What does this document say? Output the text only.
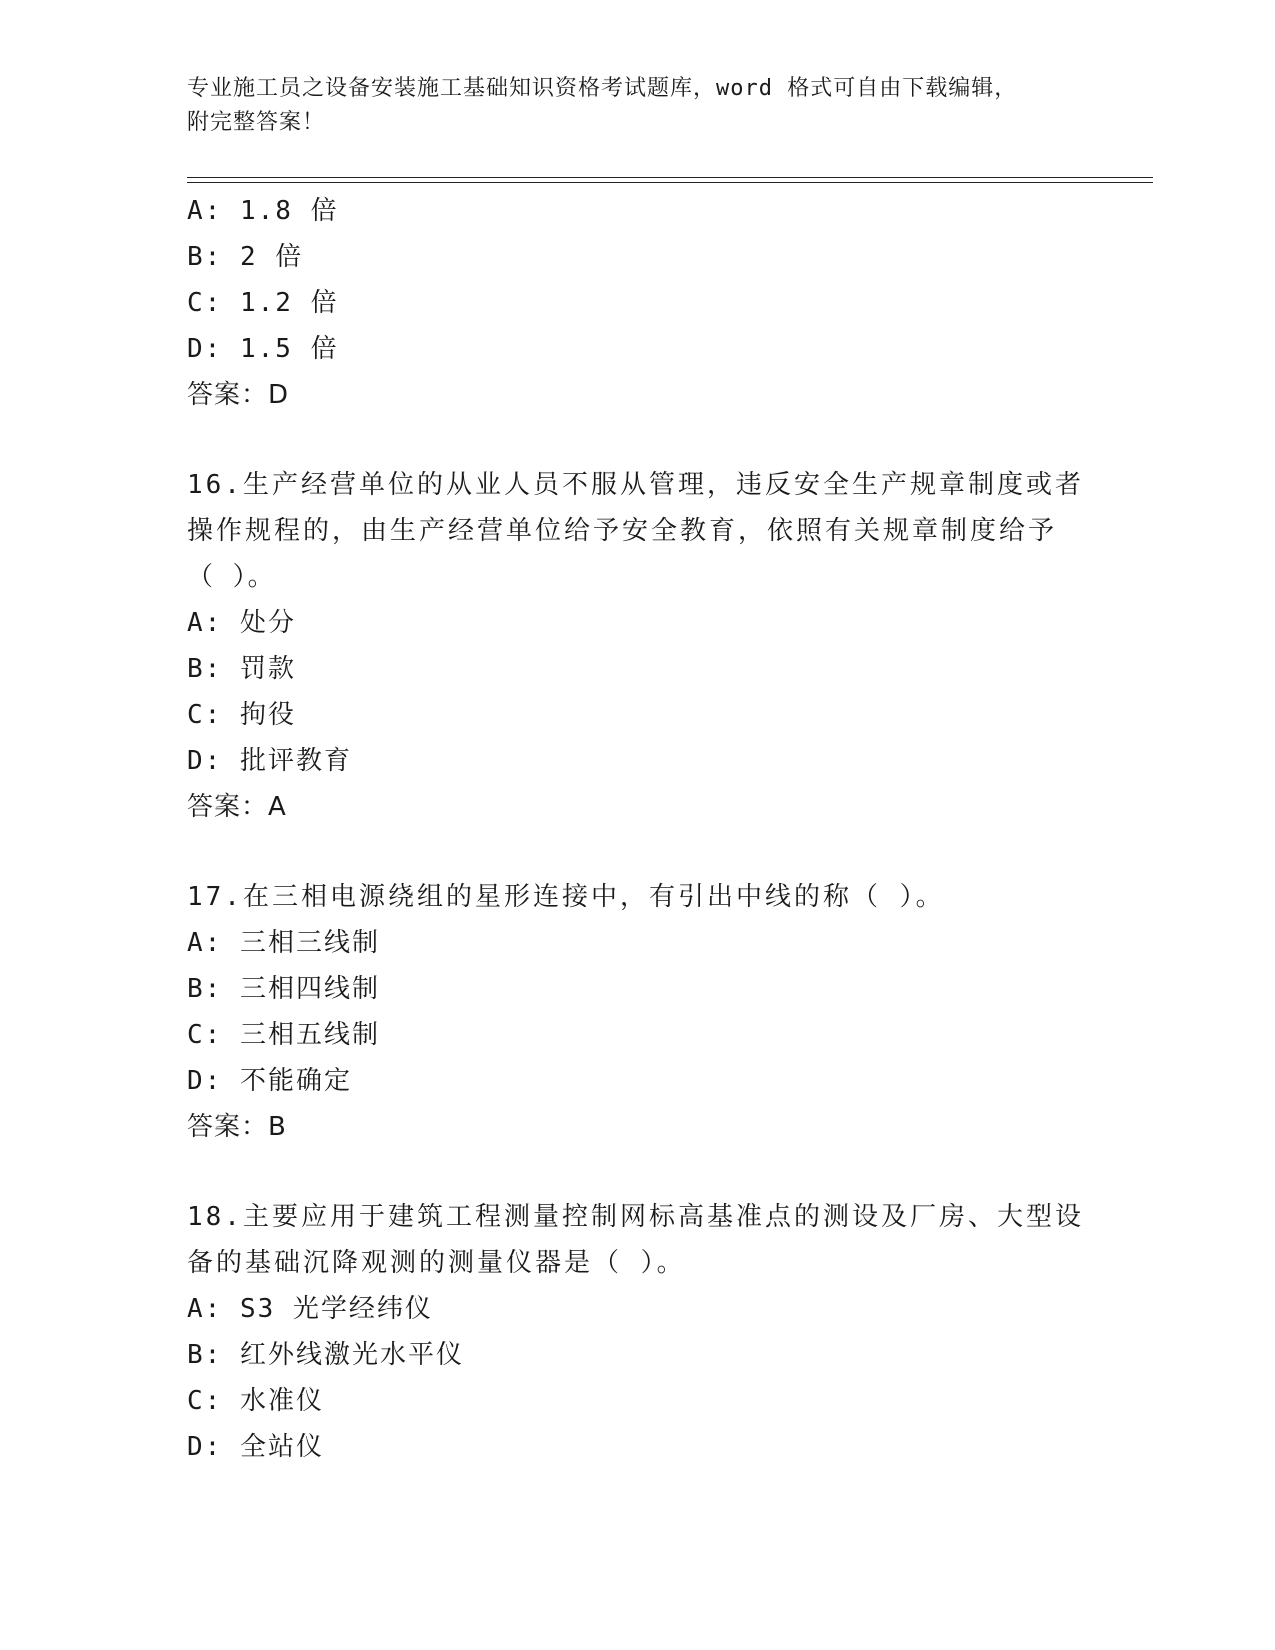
专业施工员之设备安装施工基础知识资格考试题库，word 格式可自由下载编辑，
附完整答案！
A: 1.8 倍
B: 2 倍
C: 1.2 倍
D: 1.5 倍
答案：D
16.生产经营单位的从业人员不服从管理，违反安全生产规章制度或者
操作规程的，由生产经营单位给予安全教育，依照有关规章制度给予
（ ）。
A: 处分
B: 罚款
C: 拘役
D: 批评教育
答案：A
17.在三相电源绕组的星形连接中，有引出中线的称（ ）。
A: 三相三线制
B: 三相四线制
C: 三相五线制
D: 不能确定
答案：B
18.主要应用于建筑工程测量控制网标高基准点的测设及厂房、大型设
备的基础沉降观测的测量仪器是（ ）。
A: S3 光学经纬仪
B: 红外线激光水平仪
C: 水准仪
D: 全站仪
